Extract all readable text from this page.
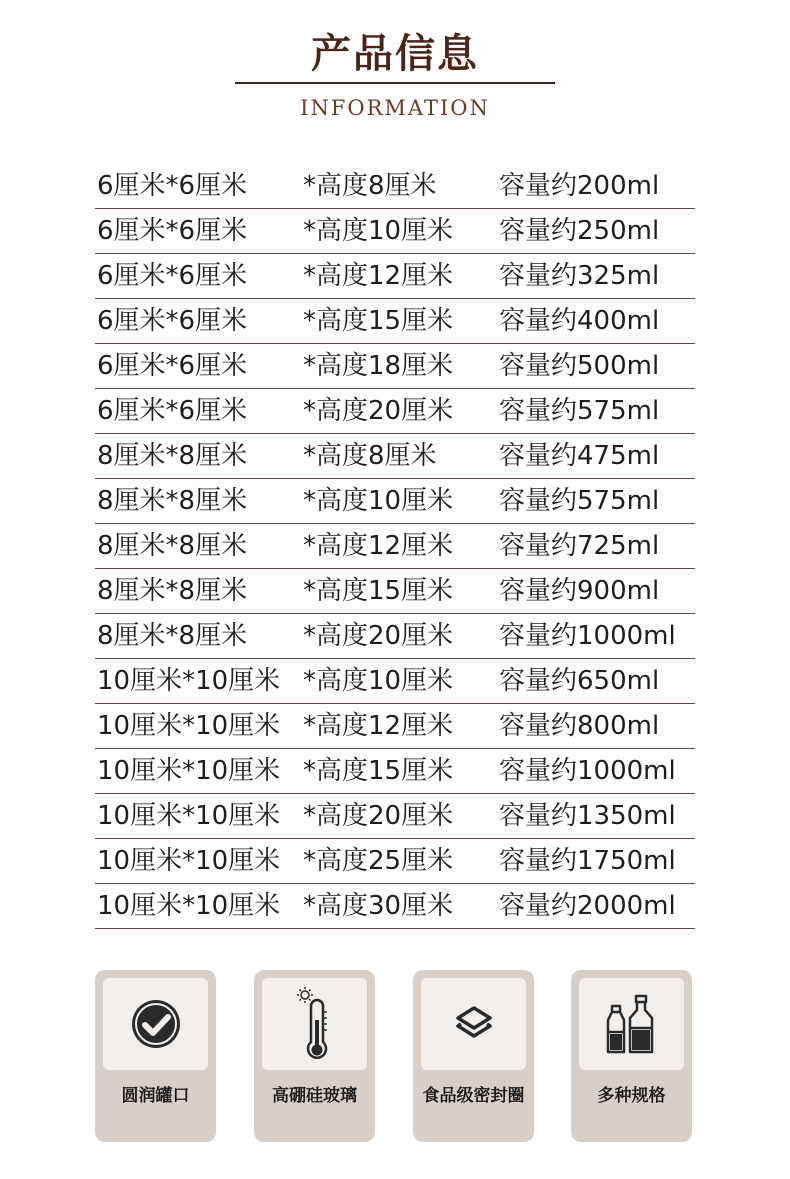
产品信息
INFORMATION
6厘米*6厘米 *高度8厘米 容量约200ml
6厘米*6厘米 *高度10厘米 容量约250ml
6厘米*6厘米 *高度12厘米 容量约325ml
6厘米*6厘米 *高度15厘米 容量约400ml
6厘米*6厘米 *高度18厘米 容量约500ml
6厘米*6厘米 *高度20厘米 容量约575ml
8厘米*8厘米 *高度8厘米 容量约475ml
8厘米*8厘米 *高度10厘米 容量约575ml
8厘米*8厘米 *高度12厘米 容量约725ml
8厘米*8厘米 *高度15厘米 容量约900ml
8厘米*8厘米 *高度20厘米 容量约1000ml
10厘米*10厘米 *高度10厘米 容量约650ml
10厘米*10厘米 *高度12厘米 容量约800ml
10厘米*10厘米 *高度15厘米 容量约1000ml
10厘米*10厘米 *高度20厘米 容量约1350ml
10厘米*10厘米 *高度25厘米 容量约1750ml
10厘米*10厘米 *高度30厘米 容量约2000ml
圆润罐口	高硼硅玻璃	食品级密封圈	多种规格
